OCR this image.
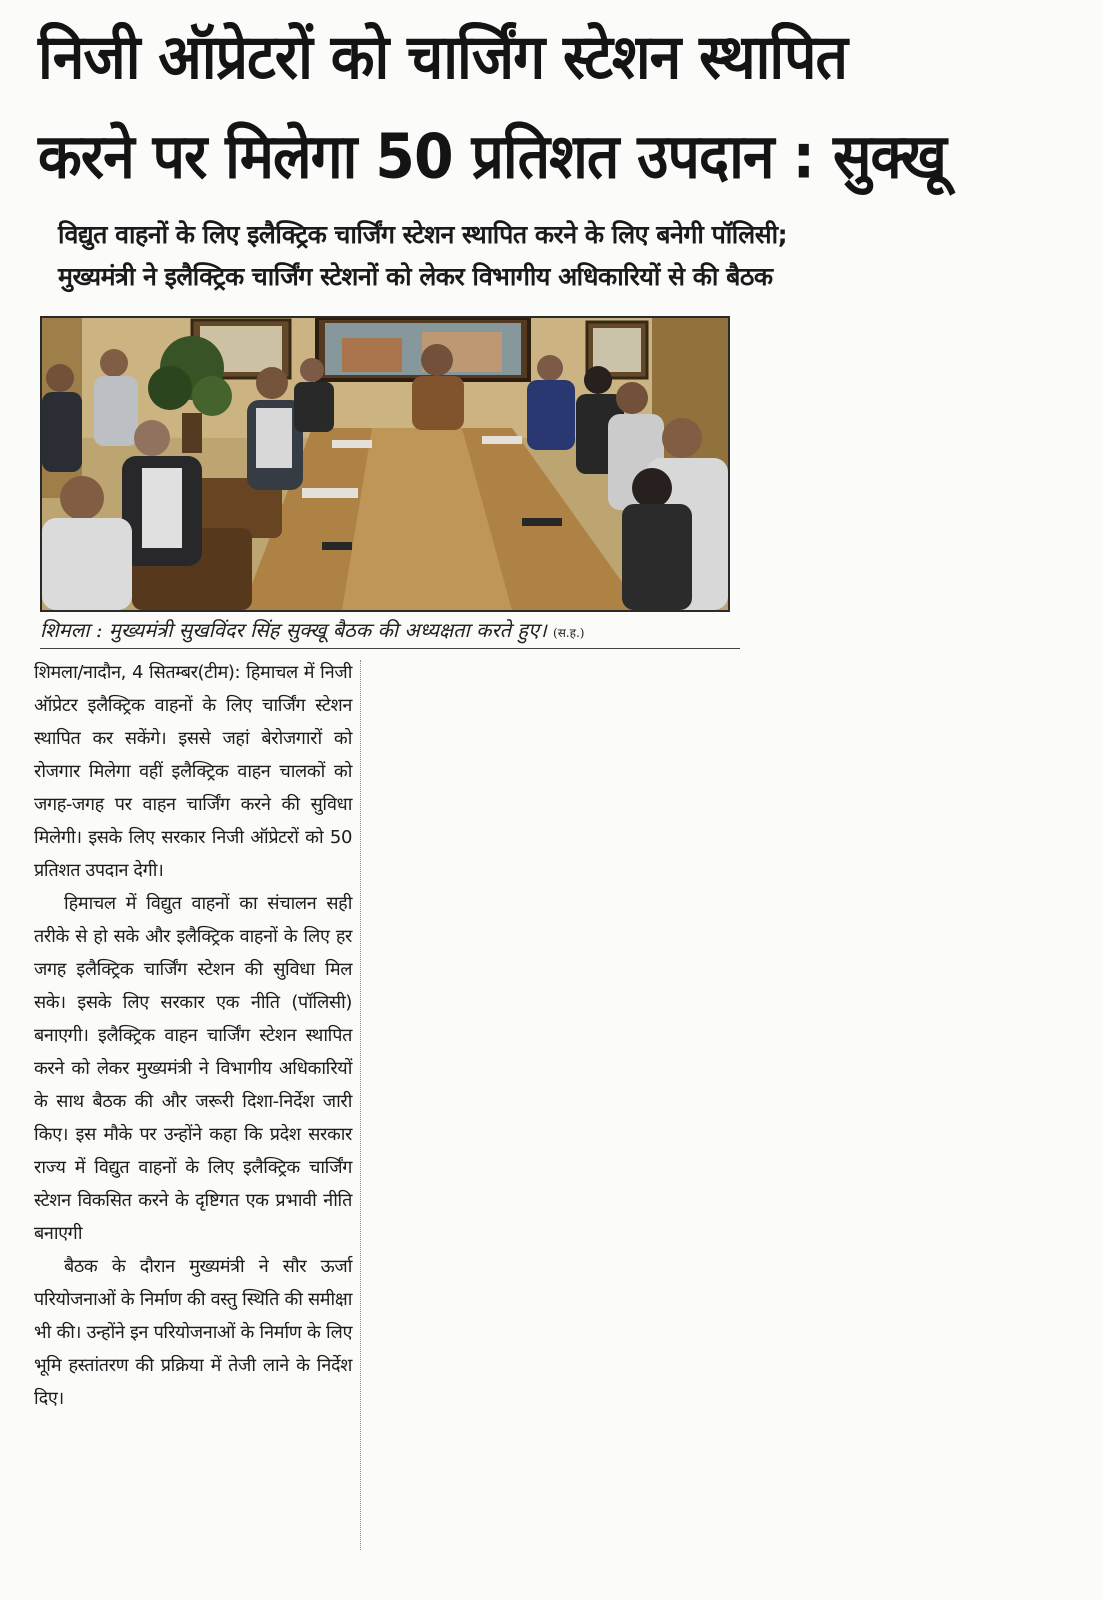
निजी ऑप्रेटरों को चार्जिंग स्टेशन स्थापित
करने पर मिलेगा 50 प्रतिशत उपदान : सुक्खू
विद्युत वाहनों के लिए इलैक्ट्रिक चार्जिंग स्टेशन स्थापित करने के लिए बनेगी पॉलिसी;
मुख्यमंत्री ने इलैक्ट्रिक चार्जिंग स्टेशनों को लेकर विभागीय अधिकारियों से की बैठक
शिमला : मुख्यमंत्री सुखविंदर सिंह सुक्खू बैठक की अध्यक्षता करते हुए। (स.ह.)

शिमला/नादौन, 4 सितम्बर(टीम): हिमाचल में निजी ऑप्रेटर इलैक्ट्रिक वाहनों के लिए चार्जिंग स्टेशन स्थापित कर सकेंगे। इससे जहां बेरोजगारों को रोजगार मिलेगा वहीं इलैक्ट्रिक वाहन चालकों को जगह-जगह पर वाहन चार्जिंग करने की सुविधा मिलेगी। इसके लिए सरकार निजी ऑप्रेटरों को 50 प्रतिशत उपदान देगी।

हिमाचल में विद्युत वाहनों का संचालन सही तरीके से हो सके और इलैक्ट्रिक वाहनों के लिए हर जगह इलैक्ट्रिक चार्जिंग स्टेशन की सुविधा मिल सके। इसके लिए सरकार एक नीति (पॉलिसी) बनाएगी। इलैक्ट्रिक वाहन चार्जिंग स्टेशन स्थापित करने को लेकर मुख्यमंत्री ने विभागीय अधिकारियों के साथ बैठक की और जरूरी दिशा-निर्देश जारी किए। इस मौके पर उन्होंने कहा कि प्रदेश सरकार राज्य में विद्युत वाहनों के लिए इलैक्ट्रिक चार्जिंग स्टेशन विकसित करने के दृष्टिगत एक प्रभावी नीति बनाएगी

बैठक के दौरान मुख्यमंत्री ने सौर ऊर्जा परियोजनाओं के निर्माण की वस्तु स्थिति की समीक्षा भी की। उन्होंने इन परियोजनाओं के निर्माण के लिए भूमि हस्तांतरण की प्रक्रिया में तेजी लाने के निर्देश दिए।
